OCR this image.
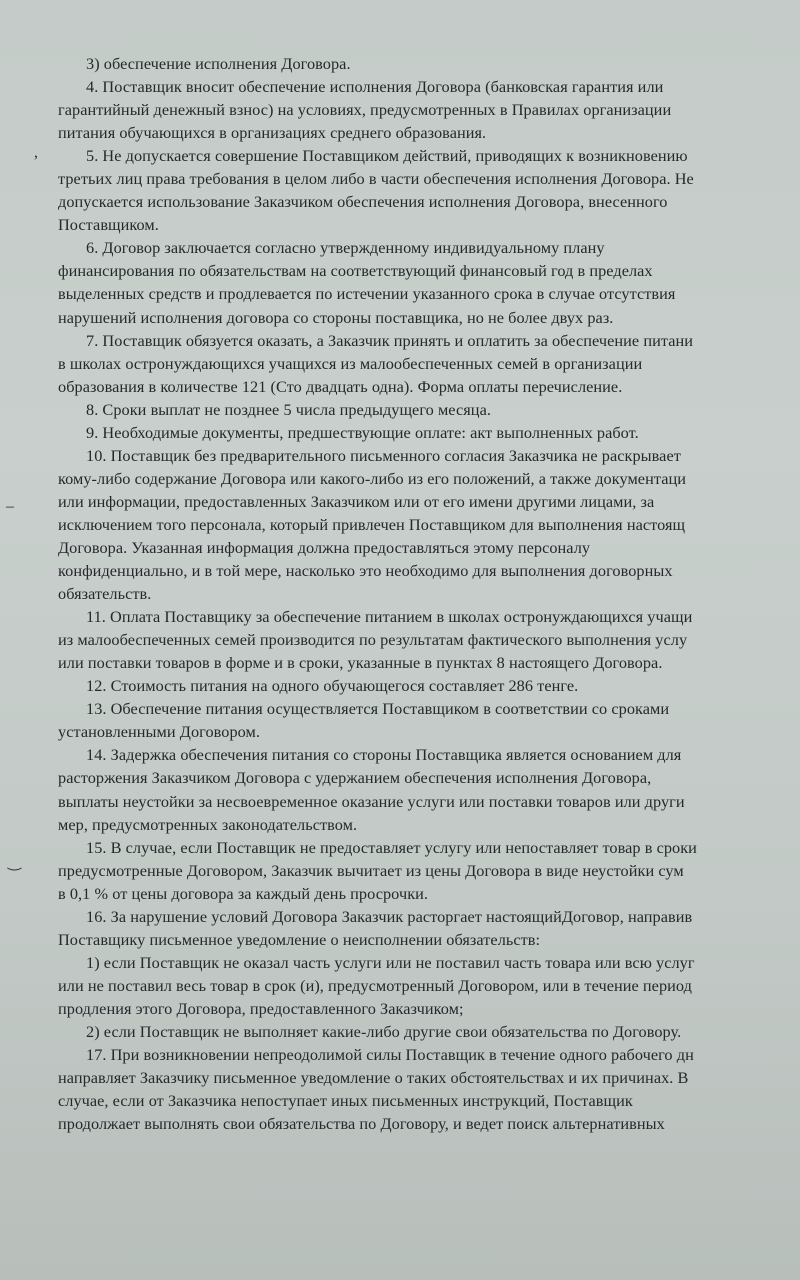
,
–
‿
3) обеспечение исполнения Договора.
4. Поставщик вносит обеспечение исполнения Договора (банковская гарантия или
гарантийный денежный взнос) на условиях, предусмотренных в Правилах организации
питания обучающихся в организациях среднего образования.
5. Не допускается совершение Поставщиком действий, приводящих к возникновению
третьих лиц права требования в целом либо в части обеспечения исполнения Договора. Не
допускается использование Заказчиком обеспечения исполнения Договора, внесенного
Поставщиком.
6. Договор заключается согласно утвержденному индивидуальному плану
финансирования по обязательствам на соответствующий финансовый год в пределах
выделенных средств и продлевается по истечении указанного срока в случае отсутствия
нарушений исполнения договора со стороны поставщика, но не более двух раз.
7. Поставщик обязуется оказать, а Заказчик принять и оплатить за обеспечение питани
в школах остронуждающихся учащихся из малообеспеченных семей в организации
образования в количестве 121 (Сто двадцать одна). Форма оплаты перечисление.
8. Сроки выплат не позднее 5 числа предыдущего месяца.
9. Необходимые документы, предшествующие оплате: акт выполненных работ.
10. Поставщик без предварительного письменного согласия Заказчика не раскрывает
кому-либо содержание Договора или какого-либо из его положений, а также документаци
или информации, предоставленных Заказчиком или от его имени другими лицами, за
исключением того персонала, который привлечен Поставщиком для выполнения настоящ
Договора. Указанная информация должна предоставляться этому персоналу
конфиденциально, и в той мере, насколько это необходимо для выполнения договорных
обязательств.
11. Оплата Поставщику за обеспечение питанием в школах остронуждающихся учащи
из малообеспеченных семей производится по результатам фактического выполнения услу
или поставки товаров в форме и в сроки, указанные в пунктах 8 настоящего Договора.
12. Стоимость питания на одного обучающегося составляет 286 тенге.
13. Обеспечение питания осуществляется Поставщиком в соответствии со сроками
установленными Договором.
14. Задержка обеспечения питания со стороны Поставщика является основанием для
расторжения Заказчиком Договора с удержанием обеспечения исполнения Договора,
выплаты неустойки за несвоевременное оказание услуги или поставки товаров или други
мер, предусмотренных законодательством.
15. В случае, если Поставщик не предоставляет услугу или непоставляет товар в сроки
предусмотренные Договором, Заказчик вычитает из цены Договора в виде неустойки сум
в 0,1 % от цены договора за каждый день просрочки.
16. За нарушение условий Договора Заказчик расторгает настоящийДоговор, направив
Поставщику письменное уведомление о неисполнении обязательств:
1) если Поставщик не оказал часть услуги или не поставил часть товара или всю услуг
или не поставил весь товар в срок (и), предусмотренный Договором, или в течение период
продления этого Договора, предоставленного Заказчиком;
2) если Поставщик не выполняет какие-либо другие свои обязательства по Договору.
17. При возникновении непреодолимой силы Поставщик в течение одного рабочего дн
направляет Заказчику письменное уведомление о таких обстоятельствах и их причинах. В
случае, если от Заказчика непоступает иных письменных инструкций, Поставщик
продолжает выполнять свои обязательства по Договору, и ведет поиск альтернативных
